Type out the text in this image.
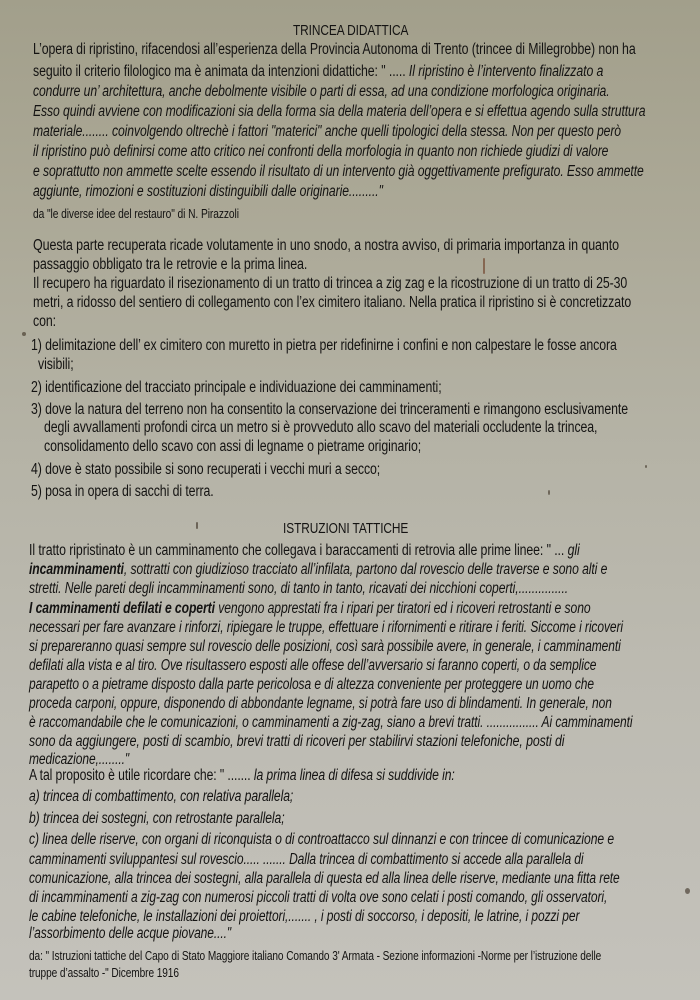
TRINCEA DIDATTICA
L’opera di ripristino, rifacendosi all’esperienza della Provincia Autonoma di Trento (trincee di Millegrobbe) non ha
seguito il criterio filologico ma è animata da intenzioni didattiche: " ..... Il ripristino è l’intervento finalizzato a
condurre un’ architettura, anche debolmente visibile o parti di essa, ad una condizione morfologica originaria.
Esso quindi avviene con modificazioni sia della forma sia della materia dell’opera e si effettua agendo sulla struttura
materiale........ coinvolgendo oltrechè i fattori "materici" anche quelli tipologici della stessa. Non per questo però
il ripristino può definirsi come atto critico nei confronti della morfologia in quanto non richiede giudizi di valore
e soprattutto non ammette scelte essendo il risultato di un intervento già oggettivamente prefigurato. Esso ammette
aggiunte, rimozioni e sostituzioni distinguibili dalle originarie........."
da "le diverse idee del restauro" di N. Pirazzoli
Questa parte recuperata ricade volutamente in uno snodo, a nostra avviso, di primaria importanza in quanto
passaggio obbligato tra le retrovie e la prima linea.
Il recupero ha riguardato il risezionamento di un tratto di trincea a zig zag e la ricostruzione di un tratto di 25-30
metri, a ridosso del sentiero di collegamento con l’ex cimitero italiano. Nella pratica il ripristino si è concretizzato
con:
1) delimitazione dell’ ex cimitero con muretto in pietra per ridefinirne i confini e non calpestare le fosse ancora
visibili;
2) identificazione del tracciato principale e individuazione dei camminamenti;
3) dove la natura del terreno non ha consentito la conservazione dei trinceramenti e rimangono esclusivamente
degli avvallamenti profondi circa un metro si è provveduto allo scavo del materiali occludente la trincea,
consolidamento dello scavo con assi di legname o pietrame originario;
4) dove è stato possibile si sono recuperati i vecchi muri a secco;
5) posa in opera di sacchi di terra.
ISTRUZIONI TATTICHE
Il tratto ripristinato è un camminamento che collegava i baraccamenti di retrovia alle prime linee: " ... gli
incamminamenti, sottratti con giudizioso tracciato all’infilata, partono dal rovescio delle traverse e sono alti e
stretti. Nelle pareti degli incamminamenti sono, di tanto in tanto, ricavati dei nicchioni coperti,...............
I camminamenti defilati e coperti vengono apprestati fra i ripari per tiratori ed i ricoveri retrostanti e sono
necessari per fare avanzare i rinforzi, ripiegare le truppe, effettuare i rifornimenti e ritirare i feriti. Siccome i ricoveri
si prepareranno quasi sempre sul rovescio delle posizioni, così sarà possibile avere, in generale, i camminamenti
defilati alla vista e al tiro. Ove risultassero esposti alle offese dell’avversario si faranno coperti, o da semplice
parapetto o a pietrame disposto dalla parte pericolosa e di altezza conveniente per proteggere un uomo che
proceda carponi, oppure, disponendo di abbondante legname, si potrà fare uso di blindamenti. In generale, non
è raccomandabile che le comunicazioni, o camminamenti a zig-zag, siano a brevi tratti. ................ Ai camminamenti
sono da aggiungere, posti di scambio, brevi tratti di ricoveri per stabilirvi stazioni telefoniche, posti di
medicazione,........"
A tal proposito è utile ricordare che: " ....... la prima linea di difesa si suddivide in:
a) trincea di combattimento, con relativa parallela;
b) trincea dei sostegni, con retrostante parallela;
c) linea delle riserve, con organi di riconquista o di controattacco sul dinnanzi e con trincee di comunicazione e
camminamenti sviluppantesi sul rovescio..... ....... Dalla trincea di combattimento si accede alla parallela di
comunicazione, alla trincea dei sostegni, alla parallela di questa ed alla linea delle riserve, mediante una fitta rete
di incamminamenti a zig-zag con numerosi piccoli tratti di volta ove sono celati i posti comando, gli osservatori,
le cabine telefoniche, le installazioni dei proiettori,....... , i posti di soccorso, i depositi, le latrine, i pozzi per
l’assorbimento delle acque piovane...."
da: " Istruzioni tattiche del Capo di Stato Maggiore italiano Comando 3' Armata - Sezione informazioni -Norme per l’istruzione delle
truppe d’assalto -" Dicembre 1916
